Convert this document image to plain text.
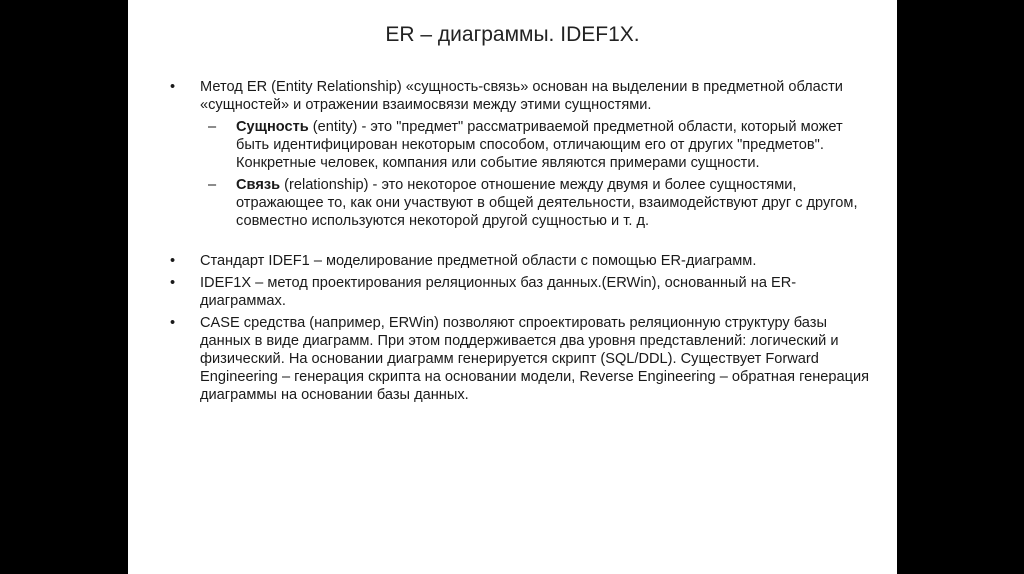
ER – диаграммы. IDEF1X.
• Метод ER (Entity Relationship) «сущность-связь» основан на выделении в предметной области «сущностей» и отражении взаимосвязи между этими сущностями.
– Сущность (entity) - это "предмет" рассматриваемой предметной области, который может быть идентифицирован некоторым способом, отличающим его от других "предметов". Конкретные человек, компания или событие являются примерами сущности.
– Связь (relationship) - это некоторое отношение между двумя и более сущностями, отражающее то, как они участвуют в общей деятельности, взаимодействуют друг с другом, совместно используются некоторой другой сущностью и т. д.
• Стандарт IDEF1 – моделирование предметной области с помощью ER-диаграмм.
• IDEF1X – метод проектирования реляционных баз данных.(ERWin), основанный на ER-диаграммах.
• CASE средства (например, ERWin) позволяют спроектировать реляционную структуру базы данных в виде диаграмм. При этом поддерживается два уровня представлений: логический и физический. На основании диаграмм генерируется скрипт (SQL/DDL). Существует Forward Engineering – генерация скрипта на основании модели, Reverse Engineering – обратная генерация диаграммы на основании базы данных.
